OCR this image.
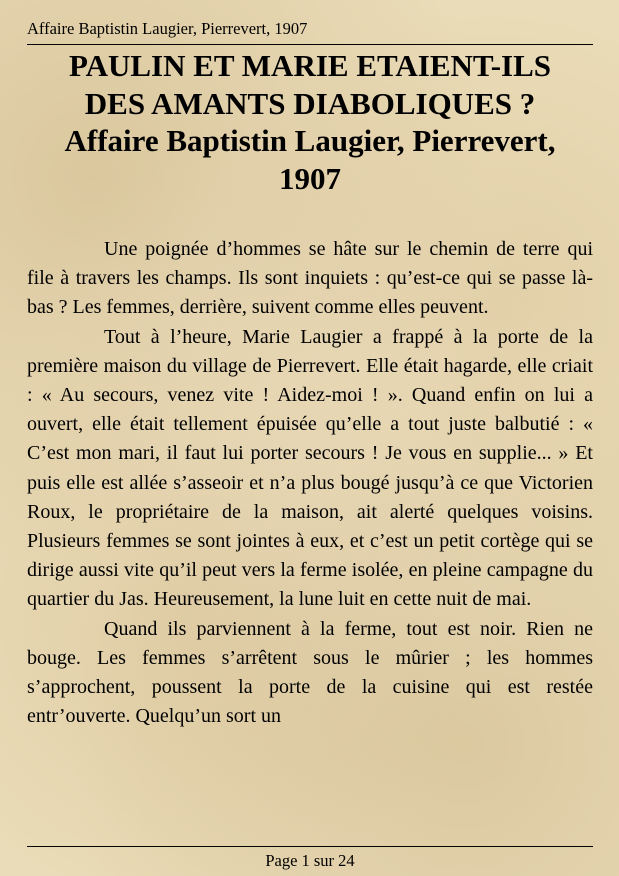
Affaire Baptistin Laugier, Pierrevert, 1907
PAULIN ET MARIE ETAIENT-ILS
DES AMANTS DIABOLIQUES ?
Affaire Baptistin Laugier, Pierrevert,
1907

Une poignée d’hommes se hâte sur le chemin de terre qui file à travers les champs. Ils sont inquiets : qu’est-ce qui se passe là-bas ? Les femmes, derrière, suivent comme elles peuvent.

Tout à l’heure, Marie Laugier a frappé à la porte de la première maison du village de Pierrevert. Elle était hagarde, elle criait : « Au secours, venez vite ! Aidez-moi ! ». Quand enfin on lui a ouvert, elle était tellement épuisée qu’elle a tout juste balbutié : « C’est mon mari, il faut lui porter secours ! Je vous en supplie... » Et puis elle est allée s’asseoir et n’a plus bougé jusqu’à ce que Victorien Roux, le propriétaire de la maison, ait alerté quelques voisins. Plusieurs femmes se sont jointes à eux, et c’est un petit cortège qui se dirige aussi vite qu’il peut vers la ferme isolée, en pleine campagne du quartier du Jas. Heureusement, la lune luit en cette nuit de mai.

Quand ils parviennent à la ferme, tout est noir. Rien ne bouge. Les femmes s’arrêtent sous le mûrier ; les hommes s’approchent, poussent la porte de la cuisine qui est restée entr’ouverte. Quelqu’un sort un

Page 1 sur 24
